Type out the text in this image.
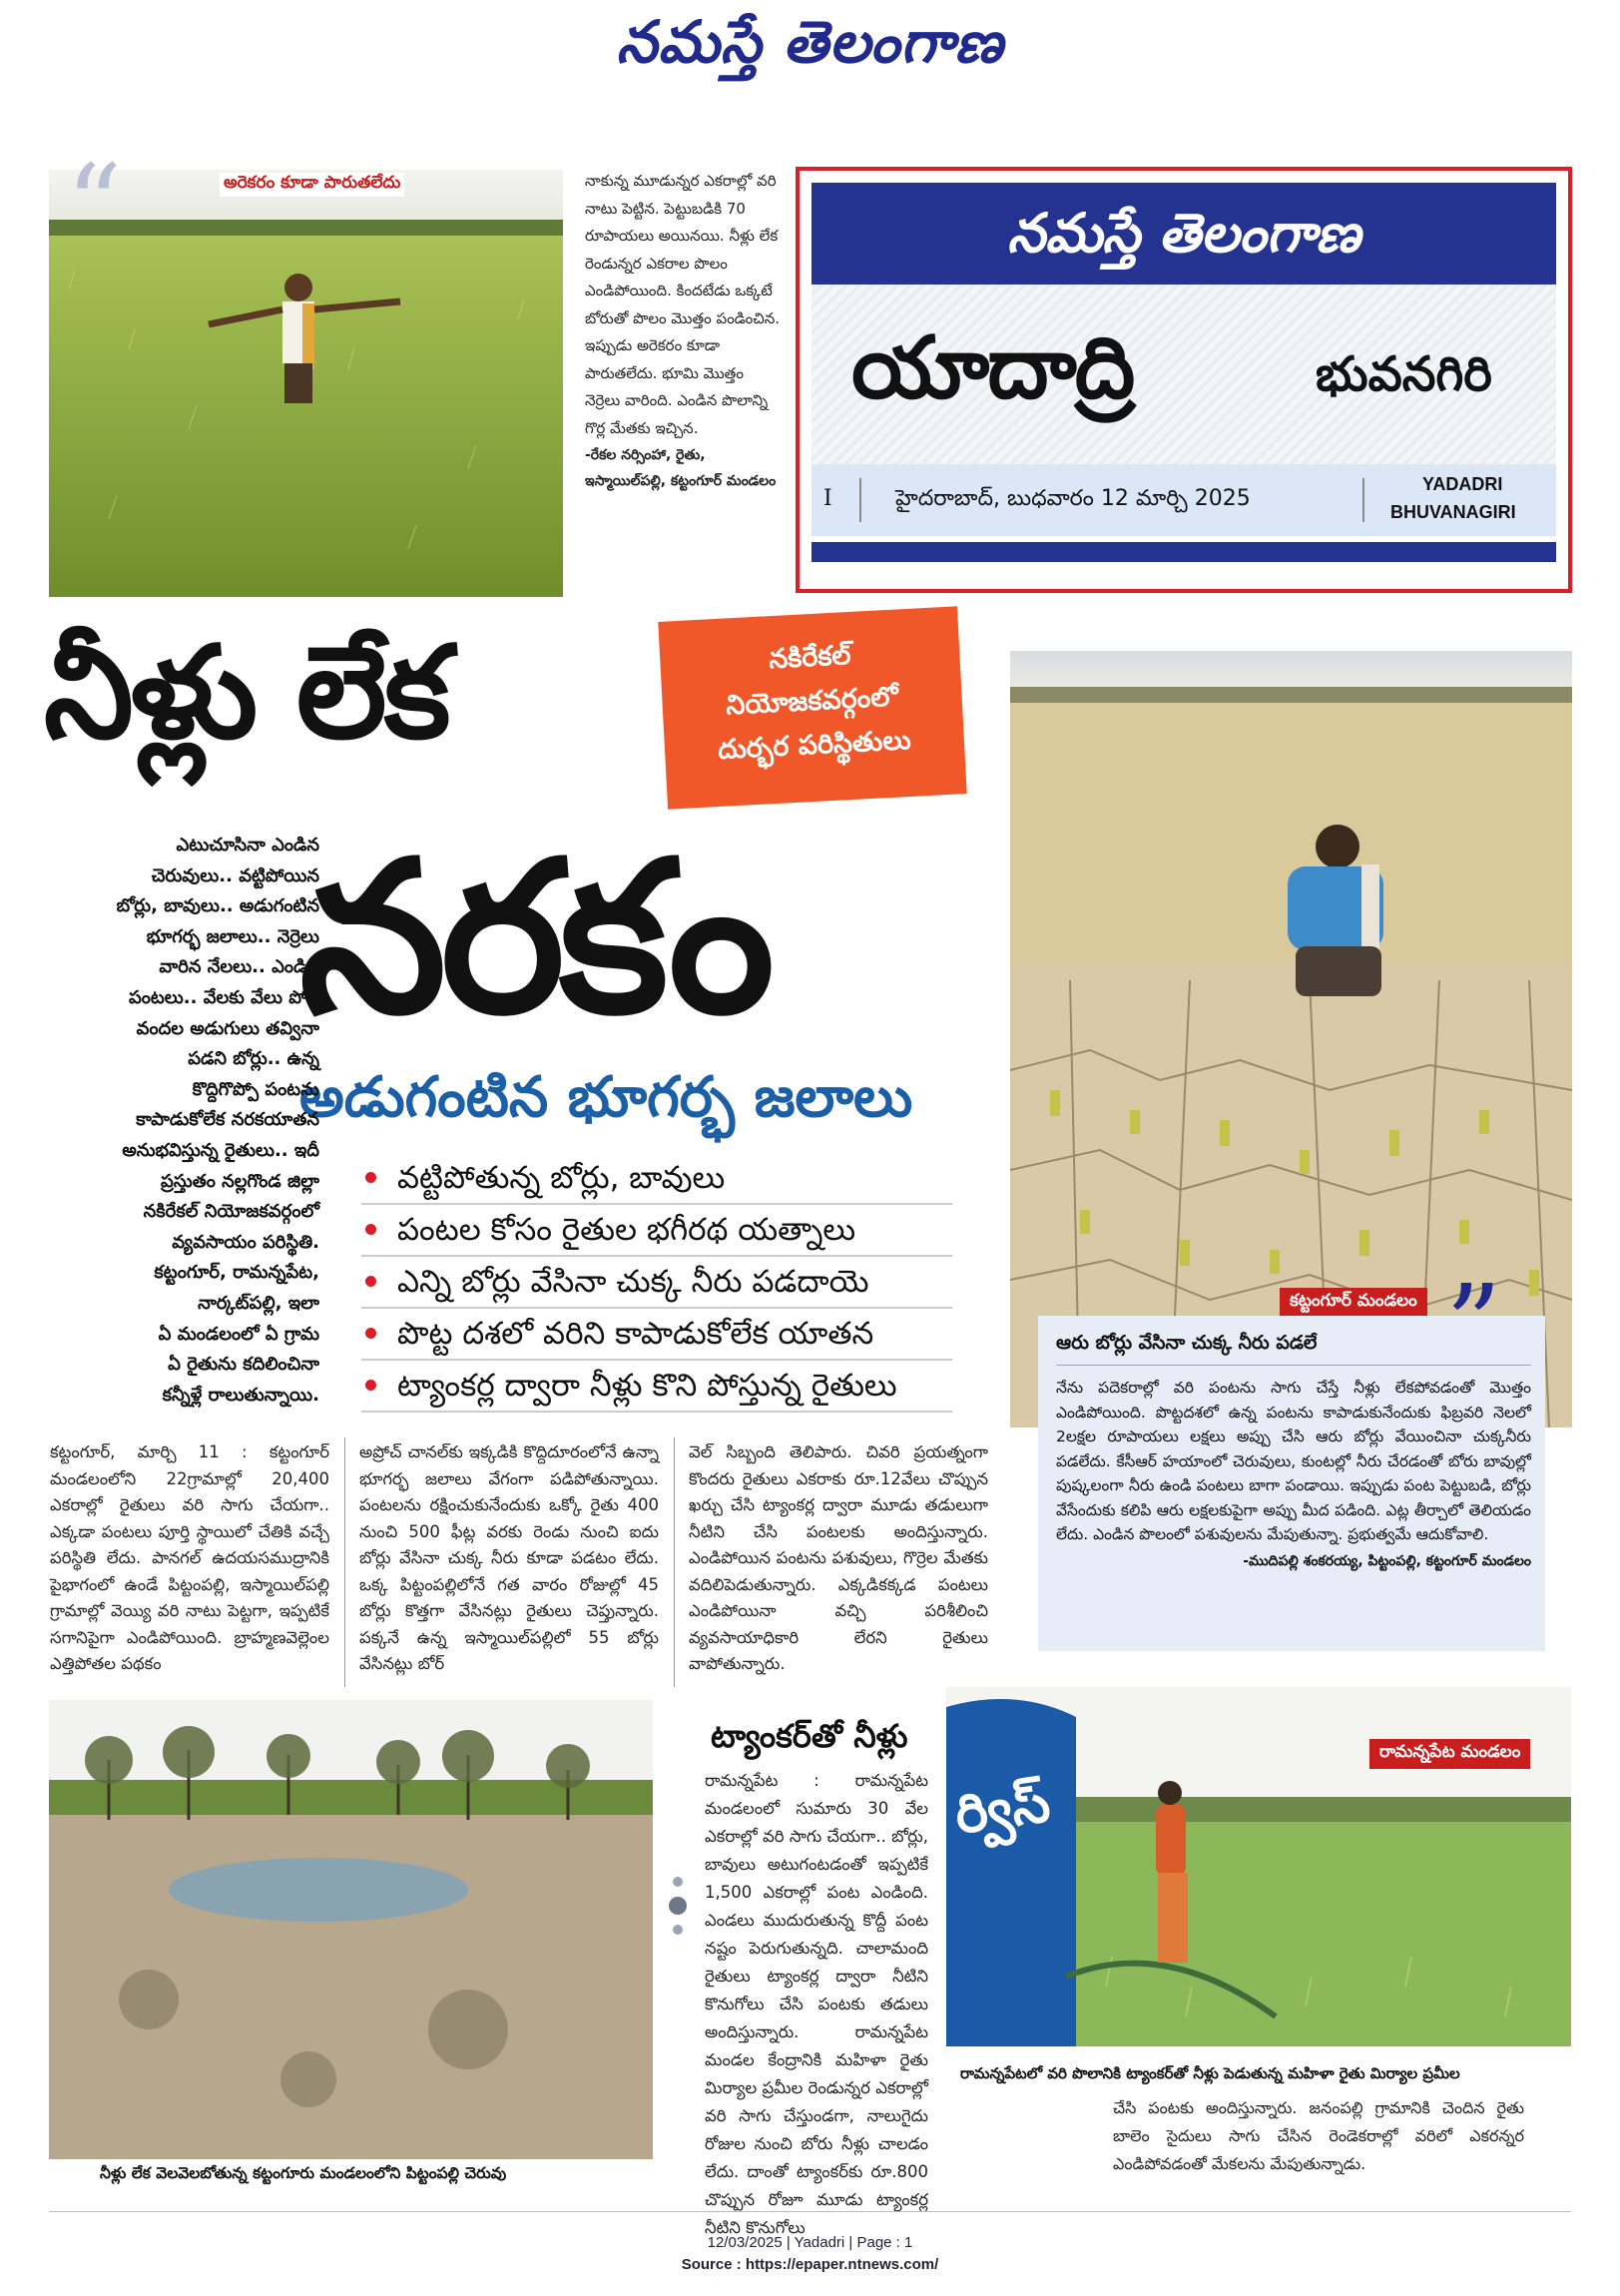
నమస్తే తెలంగాణ
అరెకరం కూడా పారుతలేదు
“	నాకున్న మూడున్నర ఎకరాల్లో వరి నాటు పెట్టిన. పెట్టుబడికి 70 రూపాయలు అయినయి. నీళ్లు లేక రెండున్నర ఎకరాల పొలం ఎండిపోయింది. కిందటేడు ఒక్కటే బోరుతో పొలం మొత్తం పండించిన. ఇప్పుడు అరెకరం కూడా పారుతలేదు. భూమి మొత్తం నెర్రెలు వారింది. ఎండిన పొలాన్ని గొర్ల మేతకు ఇచ్చిన.
-రేకల నర్సింహా, రైతు, ఇస్మాయిల్‌పల్లి, కట్టంగూర్ మండలం
నమస్తే తెలంగాణ
యాదాద్రి	భువనగిరి
I	హైదరాబాద్, బుధవారం 12 మార్చి 2025
YADADRI
BHUVANAGIRI
నీళ్లు లేక	నకిరేకల్
నియోజకవర్గంలో
దుర్భర పరిస్థితులు
నరకం
అడుగంటిన భూగర్భ జలాలు
ఎటుచూసినా ఎండిన
చెరువులు.. వట్టిపోయిన
బోర్లు, బావులు.. అడుగంటిన
భూగర్భ జలాలు.. నెర్రెలు
వారిన నేలలు.. ఎండిన
పంటలు.. వేలకు వేలు పోసి
వందల అడుగులు తవ్వినా
పడని బోర్లు.. ఉన్న
కొద్దిగొప్పో పంటను
కాపాడుకోలేక నరకయాతన
అనుభవిస్తున్న రైతులు.. ఇదీ
ప్రస్తుతం నల్లగొండ జిల్లా
నకిరేకల్ నియోజకవర్గంలో
వ్యవసాయం పరిస్థితి.
కట్టంగూర్, రామన్నపేట,
నార్కట్‌పల్లి, ఇలా
ఏ మండలంలో ఏ గ్రామ
ఏ రైతును కదిలించినా
కన్నీళ్లే రాలుతున్నాయి.
వట్టిపోతున్న బోర్లు, బావులు
పంటల కోసం రైతుల భగీరథ యత్నాలు
ఎన్ని బోర్లు వేసినా చుక్క నీరు పడదాయె
పొట్ట దశలో వరిని కాపాడుకోలేక యాతన
ట్యాంకర్ల ద్వారా నీళ్లు కొని పోస్తున్న రైతులు
కట్టంగూర్ మండలం
ఆరు బోర్లు వేసినా చుక్క నీరు పడలే
నేను పదెకరాల్లో వరి పంటను సాగు చేస్తే నీళ్లు లేకపోవడంతో మొత్తం ఎండిపోయింది. పొట్టదశలో ఉన్న పంటను కాపాడుకునేందుకు ఫిబ్రవరి నెలలో 2లక్షల రూపాయలు లక్షలు అప్పు చేసి ఆరు బోర్లు వేయించినా చుక్కనీరు పడలేదు. కేసీఆర్ హయాంలో చెరువులు, కుంటల్లో నీరు చేరడంతో బోరు బావుల్లో పుష్కలంగా నీరు ఉండి పంటలు బాగా పండాయి. ఇప్పుడు పంట పెట్టుబడి, బోర్లు వేసేందుకు కలిపి ఆరు లక్షలకుపైగా అప్పు మీద పడింది. ఎట్ల తీర్చాలో తెలియడం లేదు. ఎండిన పొలంలో పశువులను మేపుతున్నా. ప్రభుత్వమే ఆదుకోవాలి.
-ముదిపల్లి శంకరయ్య, పిట్టంపల్లి, కట్టంగూర్ మండలం
కట్టంగూర్, మార్చి 11 : కట్టంగూర్ మండలంలోని 22గ్రామాల్లో 20,400 ఎకరాల్లో రైతులు వరి సాగు చేయగా.. ఎక్కడా పంటలు పూర్తి స్థాయిలో చేతికి వచ్చే పరిస్థితి లేదు. పానగల్ ఉదయసముద్రానికి పైభాగంలో ఉండే పిట్టంపల్లి, ఇస్మాయిల్‌పల్లి గ్రామాల్లో వెయ్యి వరి నాటు పెట్టగా, ఇప్పటికే సగానిపైగా ఎండిపోయింది. బ్రాహ్మణవెల్లెంల ఎత్తిపోతల పథకం
అప్రోచ్ చానల్‌కు ఇక్కడికి కొద్దిదూరంలోనే ఉన్నా భూగర్భ జలాలు వేగంగా పడిపోతున్నాయి. పంటలను రక్షించుకునేందుకు ఒక్కో రైతు 400 నుంచి 500 ఫీట్ల వరకు రెండు నుంచి ఐదు బోర్లు వేసినా చుక్క నీరు కూడా పడటం లేదు. ఒక్క పిట్టంపల్లిలోనే గత వారం రోజుల్లో 45 బోర్లు కొత్తగా వేసినట్లు రైతులు చెప్తున్నారు. పక్కనే ఉన్న ఇస్మాయిల్‌పల్లిలో 55 బోర్లు వేసినట్లు బోర్
వెల్ సిబ్బంది తెలిపారు. చివరి ప్రయత్నంగా కొందరు రైతులు ఎకరాకు రూ.12వేలు చొప్పున ఖర్చు చేసి ట్యాంకర్ల ద్వారా మూడు తడులుగా నీటిని చేసి పంటలకు అందిస్తున్నారు. ఎండిపోయిన పంటను పశువులు, గొర్రెల మేతకు వదిలిపెడుతున్నారు. ఎక్కడికక్కడ పంటలు ఎండిపోయినా వచ్చి పరిశీలించి వ్యవసాయాధికారి లేరని రైతులు వాపోతున్నారు.
నీళ్లు లేక వెలవెలబోతున్న కట్టంగూరు మండలంలోని పిట్టంపల్లి చెరువు
ట్యాంకర్‌తో నీళ్లు
రామన్నపేట : రామన్నపేట మండలంలో సుమారు 30 వేల ఎకరాల్లో వరి సాగు చేయగా.. బోర్లు, బావులు అటుగంటడంతో ఇప్పటికే 1,500 ఎకరాల్లో పంట ఎండింది. ఎండలు ముదురుతున్న కొద్దీ పంట నష్టం పెరుగుతున్నది. చాలామంది రైతులు ట్యాంకర్ల ద్వారా నీటిని కొనుగోలు చేసి పంటకు తడులు అందిస్తున్నారు. రామన్నపేట మండల కేంద్రానికి మహిళా రైతు మిర్యాల ప్రమీల రెండున్నర ఎకరాల్లో వరి సాగు చేస్తుండగా, నాలుగైదు రోజుల నుంచి బోరు నీళ్లు చాలడం లేదు. దాంతో ట్యాంకర్‌కు రూ.800 చొప్పున రోజూ మూడు ట్యాంకర్ల నీటిని కొనుగోలు
ర్విస్
రామన్నపేట మండలం
రామన్నపేటలో వరి పొలానికి ట్యాంకర్‌తో నీళ్లు పెడుతున్న మహిళా రైతు మిర్యాల ప్రమీల
చేసి పంటకు అందిస్తున్నారు. జనంపల్లి గ్రామానికి చెందిన రైతు బాలెం సైదులు సాగు చేసిన రెండెకరాల్లో వరిలో ఎకరన్నర ఎండిపోవడంతో మేకలను మేపుతున్నాడు.
12/03/2025 | Yadadri | Page : 1
Source : https://epaper.ntnews.com/
